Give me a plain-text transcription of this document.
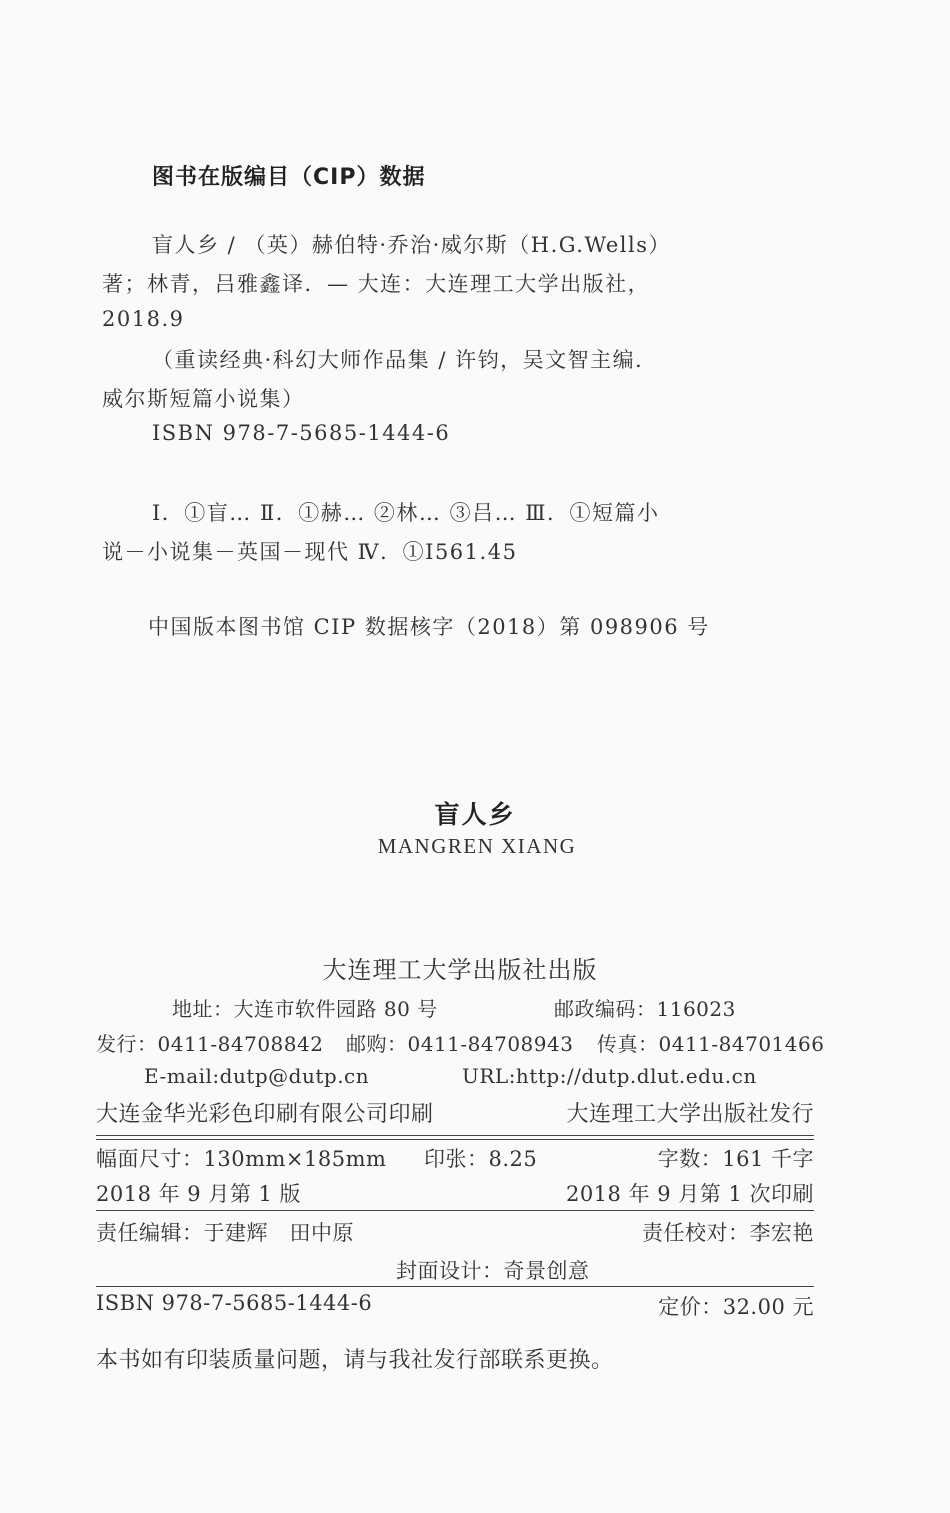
图书在版编目（CIP）数据
盲人乡 / （英）赫伯特·乔治·威尔斯（H.G.Wells）
著；林青，吕雅鑫译．— 大连：大连理工大学出版社，
2018.9
（重读经典·科幻大师作品集 / 许钧，吴文智主编．
威尔斯短篇小说集）
ISBN 978-7-5685-1444-6
Ⅰ．①盲… Ⅱ．①赫… ②林… ③吕… Ⅲ．①短篇小
说－小说集－英国－现代 Ⅳ．①I561.45
中国版本图书馆 CIP 数据核字（2018）第 098906 号
盲人乡
MANGREN XIANG
大连理工大学出版社出版
地址：大连市软件园路 80 号	邮政编码：116023
发行：0411-84708842 邮购：0411-84708943 传真：0411-84701466
E-mail:dutp@dutp.cn	URL:http://dutp.dlut.edu.cn
大连金华光彩色印刷有限公司印刷	大连理工大学出版社发行
幅面尺寸：130mm×185mm 印张：8.25	字数：161 千字
2018 年 9 月第 1 版	2018 年 9 月第 1 次印刷
责任编辑：于建辉　田中原	责任校对：李宏艳
封面设计：奇景创意
ISBN 978-7-5685-1444-6	定价：32.00 元
本书如有印装质量问题，请与我社发行部联系更换。
